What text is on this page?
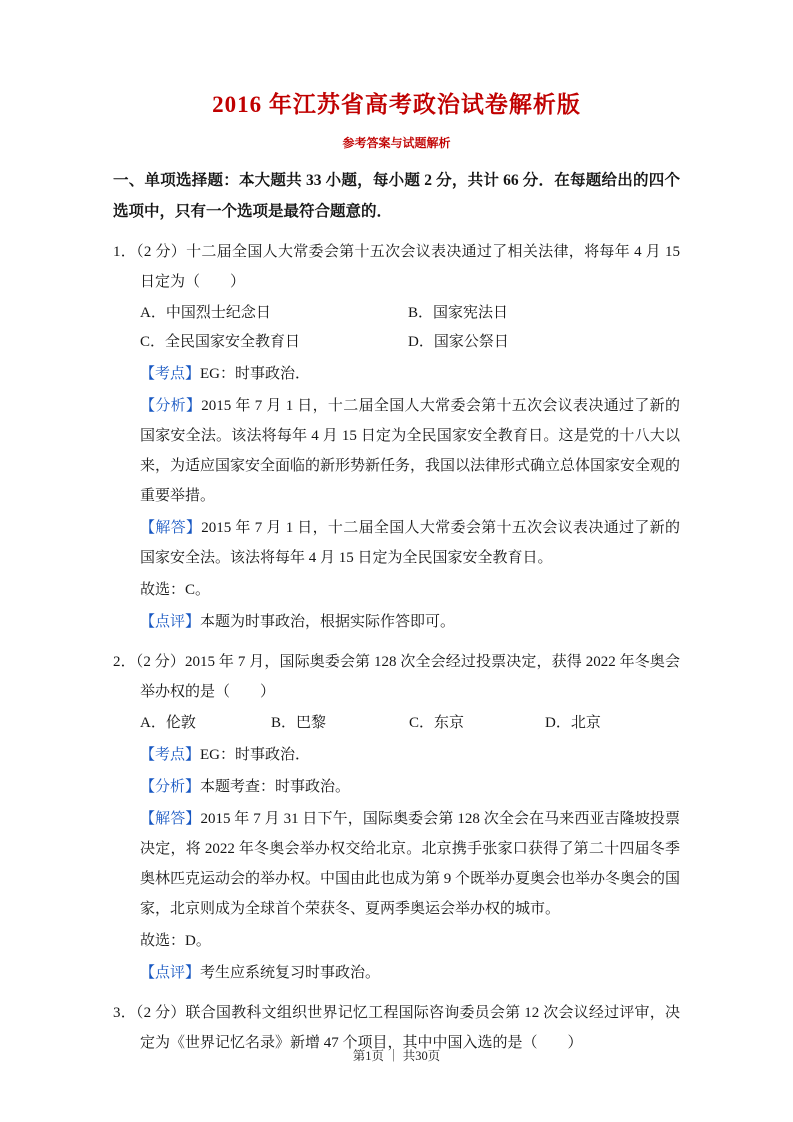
2016 年江苏省高考政治试卷解析版
参考答案与试题解析

一、单项选择题：本大题共 33 小题，每小题 2 分，共计 66 分．在每题给出的四个选项中，只有一个选项是最符合题意的．

1．（2 分）十二届全国人大常委会第十五次会议表决通过了相关法律，将每年 4 月 15 日定为（　　）

A．中国烈士纪念日	B．国家宪法日
C．全民国家安全教育日	D．国家公祭日

【考点】EG：时事政治．

【分析】2015 年 7 月 1 日，十二届全国人大常委会第十五次会议表决通过了新的国家安全法。该法将每年 4 月 15 日定为全民国家安全教育日。这是党的十八大以来，为适应国家安全面临的新形势新任务，我国以法律形式确立总体国家安全观的重要举措。

【解答】2015 年 7 月 1 日，十二届全国人大常委会第十五次会议表决通过了新的国家安全法。该法将每年 4 月 15 日定为全民国家安全教育日。

故选：C。

【点评】本题为时事政治，根据实际作答即可。

2．（2 分）2015 年 7 月，国际奥委会第 128 次全会经过投票决定，获得 2022 年冬奥会举办权的是（　　）

A．伦敦	B．巴黎	C．东京	D．北京

【考点】EG：时事政治．

【分析】本题考查：时事政治。

【解答】2015 年 7 月 31 日下午，国际奥委会第 128 次全会在马来西亚吉隆坡投票决定，将 2022 年冬奥会举办权交给北京。北京携手张家口获得了第二十四届冬季奥林匹克运动会的举办权。中国由此也成为第 9 个既举办夏奥会也举办冬奥会的国家，北京则成为全球首个荣获冬、夏两季奥运会举办权的城市。

故选：D。

【点评】考生应系统复习时事政治。

3．（2 分）联合国教科文组织世界记忆工程国际咨询委员会第 12 次会议经过评审，决定为《世界记忆名录》新增 47 个项目，其中中国入选的是（　　）

第1页 ｜ 共30页
